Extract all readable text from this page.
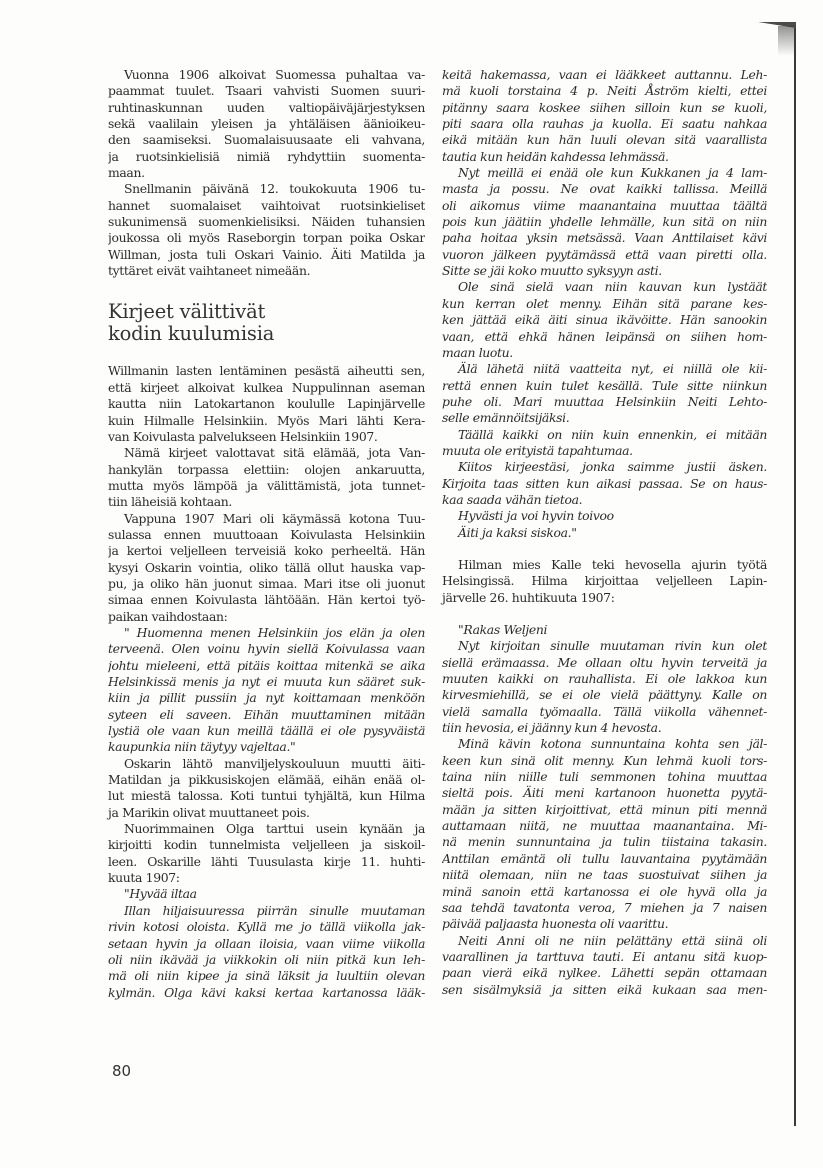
Vuonna 1906 alkoivat Suomessa puhaltaa va-
paammat tuulet. Tsaari vahvisti Suomen suuri-
ruhtinaskunnan uuden valtiopäiväjärjestyksen
sekä vaalilain yleisen ja yhtäläisen äänioikeu-
den saamiseksi. Suomalaisuusaate eli vahvana,
ja ruotsinkielisiä nimiä ryhdyttiin suomenta-
maan.
Snellmanin päivänä 12. toukokuuta 1906 tu-
hannet suomalaiset vaihtoivat ruotsinkieliset
sukunimensä suomenkielisiksi. Näiden tuhansien
joukossa oli myös Raseborgin torpan poika Oskar
Willman, josta tuli Oskari Vainio. Äiti Matilda ja
tyttäret eivät vaihtaneet nimeään.
Kirjeet välittivät
kodin kuulumisia
Willmanin lasten lentäminen pesästä aiheutti sen,
että kirjeet alkoivat kulkea Nuppulinnan aseman
kautta niin Latokartanon koululle Lapinjärvelle
kuin Hilmalle Helsinkiin. Myös Mari lähti Kera-
van Koivulasta palvelukseen Helsinkiin 1907.
Nämä kirjeet valottavat sitä elämää, jota Van-
hankylän torpassa elettiin: olojen ankaruutta,
mutta myös lämpöä ja välittämistä, jota tunnet-
tiin läheisiä kohtaan.
Vappuna 1907 Mari oli käymässä kotona Tuu-
sulassa ennen muuttoaan Koivulasta Helsinkiin
ja kertoi veljelleen terveisiä koko perheeltä. Hän
kysyi Oskarin vointia, oliko tällä ollut hauska vap-
pu, ja oliko hän juonut simaa. Mari itse oli juonut
simaa ennen Koivulasta lähtöään. Hän kertoi työ-
paikan vaihdostaan:
" Huomenna menen Helsinkiin jos elän ja olen
terveenä. Olen voinu hyvin siellä Koivulassa vaan
johtu mieleeni, että pitäis koittaa mitenkä se aika
Helsinkissä menis ja nyt ei muuta kun sääret suk-
kiin ja pillit pussiin ja nyt koittamaan menköön
syteen eli saveen. Eihän muuttaminen mitään
lystiä ole vaan kun meillä täällä ei ole pysyväistä
kaupunkia niin täytyy vajeltaa."
Oskarin lähtö manviljelyskouluun muutti äiti-
Matildan ja pikkusiskojen elämää, eihän enää ol-
lut miestä talossa. Koti tuntui tyhjältä, kun Hilma
ja Marikin olivat muuttaneet pois.
Nuorimmainen Olga tarttui usein kynään ja
kirjoitti kodin tunnelmista veljelleen ja siskoil-
leen. Oskarille lähti Tuusulasta kirje 11. huhti-
kuuta 1907:
"Hyvää iltaa
Illan hiljaisuuressa piirrän sinulle muutaman
rivin kotosi oloista. Kyllä me jo tällä viikolla jak-
setaan hyvin ja ollaan iloisia, vaan viime viikolla
oli niin ikävää ja viikkokin oli niin pitkä kun leh-
mä oli niin kipee ja sinä läksit ja luultiin olevan
kylmän. Olga kävi kaksi kertaa kartanossa lääk-
keitä hakemassa, vaan ei lääkkeet auttannu. Leh-
mä kuoli torstaina 4 p. Neiti Åström kielti, ettei
pitänny saara koskee siihen silloin kun se kuoli,
piti saara olla rauhas ja kuolla. Ei saatu nahkaa
eikä mitään kun hän luuli olevan sitä vaarallista
tautia kun heidän kahdessa lehmässä.
Nyt meillä ei enää ole kun Kukkanen ja 4 lam-
masta ja possu. Ne ovat kaikki tallissa. Meillä
oli aikomus viime maanantaina muuttaa täältä
pois kun jäätiin yhdelle lehmälle, kun sitä on niin
paha hoitaa yksin metsässä. Vaan Anttilaiset kävi
vuoron jälkeen pyytämässä että vaan piretti olla.
Sitte se jäi koko muutto syksyyn asti.
Ole sinä sielä vaan niin kauvan kun lystäät
kun kerran olet menny. Eihän sitä parane kes-
ken jättää eikä äiti sinua ikävöitte. Hän sanookin
vaan, että ehkä hänen leipänsä on siihen hom-
maan luotu.
Älä lähetä niitä vaatteita nyt, ei niillä ole kii-
rettä ennen kuin tulet kesällä. Tule sitte niinkun
puhe oli. Mari muuttaa Helsinkiin Neiti Lehto-
selle emännöitsijäksi.
Täällä kaikki on niin kuin ennenkin, ei mitään
muuta ole erityistä tapahtumaa.
Kiitos kirjeestäsi, jonka saimme justii äsken.
Kirjoita taas sitten kun aikasi passaa. Se on haus-
kaa saada vähän tietoa.
Hyvästi ja voi hyvin toivoo
Äiti ja kaksi siskoa."
Hilman mies Kalle teki hevosella ajurin työtä
Helsingissä. Hilma kirjoittaa veljelleen Lapin-
järvelle 26. huhtikuuta 1907:
"Rakas Weljeni
Nyt kirjoitan sinulle muutaman rivin kun olet
siellä erämaassa. Me ollaan oltu hyvin terveitä ja
muuten kaikki on rauhallista. Ei ole lakkoa kun
kirvesmiehillä, se ei ole vielä päättyny. Kalle on
vielä samalla työmaalla. Tällä viikolla vähennet-
tiin hevosia, ei jäänny kun 4 hevosta.
Minä kävin kotona sunnuntaina kohta sen jäl-
keen kun sinä olit menny. Kun lehmä kuoli tors-
taina niin niille tuli semmonen tohina muuttaa
sieltä pois. Äiti meni kartanoon huonetta pyytä-
mään ja sitten kirjoittivat, että minun piti mennä
auttamaan niitä, ne muuttaa maanantaina. Mi-
nä menin sunnuntaina ja tulin tiistaina takasin.
Anttilan emäntä oli tullu lauvantaina pyytämään
niitä olemaan, niin ne taas suostuivat siihen ja
minä sanoin että kartanossa ei ole hyvä olla ja
saa tehdä tavatonta veroa, 7 miehen ja 7 naisen
päivää paljaasta huonesta oli vaarittu.
Neiti Anni oli ne niin pelättäny että siinä oli
vaarallinen ja tarttuva tauti. Ei antanu sitä kuop-
paan vierä eikä nylkee. Lähetti sepän ottamaan
sen sisälmyksiä ja sitten eikä kukaan saa men-
80
